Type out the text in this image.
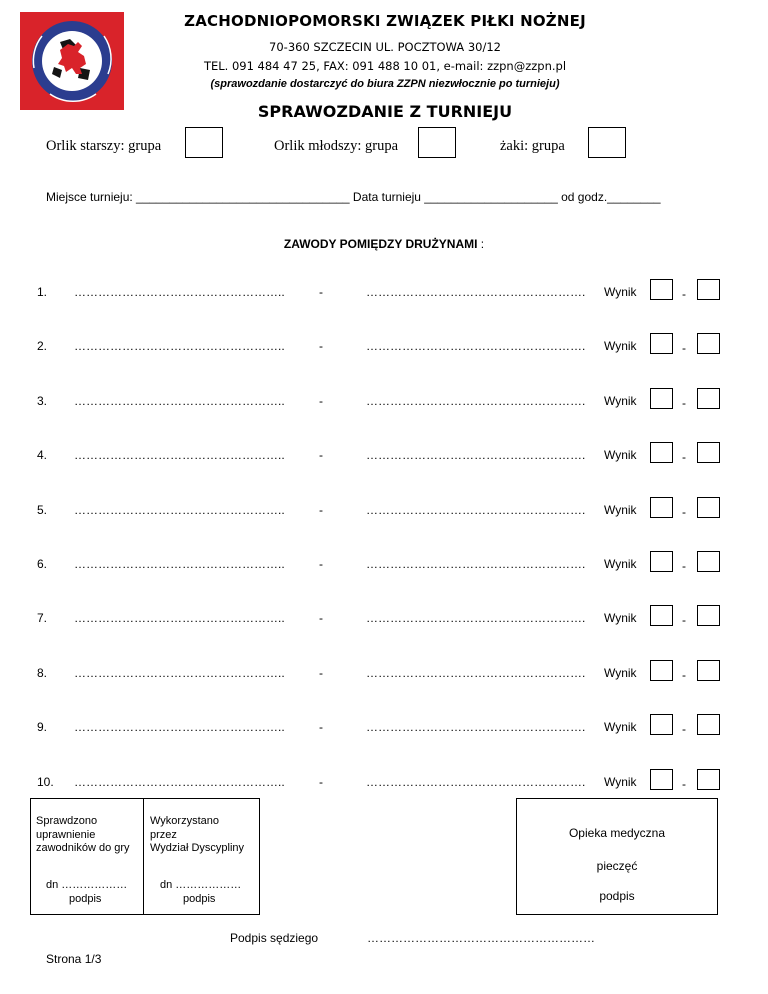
ZACHODNIOPOMORSKI ZWIĄZEK PIŁKI NOŻNEJ
70-360 SZCZECIN UL. POCZTOWA 30/12
TEL. 091 484 47 25, FAX: 091 488 10 01, e-mail: zzpn@zzpn.pl
(sprawozdanie dostarczyć do biura ZZPN niezwłocznie po turnieju)
SPRAWOZDANIE Z TURNIEJU
Orlik starszy: grupa	Orlik młodszy: grupa	żaki: grupa
Miejsce turnieju: ________________________________ Data turnieju ____________________ od godz.________
ZAWODY POMIĘDZY DRUŻYNAMI :
1. ……………………………………………..	-	………………………………………………. Wynik	-
2. ……………………………………………..	-	………………………………………………. Wynik	-
3. ……………………………………………..	-	………………………………………………. Wynik	-
4. ……………………………………………..	-	………………………………………………. Wynik	-
5. ……………………………………………..	-	………………………………………………. Wynik	-
6. ……………………………………………..	-	………………………………………………. Wynik	-
7. ……………………………………………..	-	………………………………………………. Wynik	-
8. ……………………………………………..	-	………………………………………………. Wynik	-
9. ……………………………………………..	-	………………………………………………. Wynik	-
10. ……………………………………………..	-	………………………………………………. Wynik	-
Sprawdzono
uprawnienie
zawodników do gry
Wykorzystano
przez
Wydział Dyscypliny
dn ………………
podpis
dn ………………
podpis
Opieka medyczna
pieczęć
podpis
Podpis sędziego	…………………………………………………
Strona 1/3
